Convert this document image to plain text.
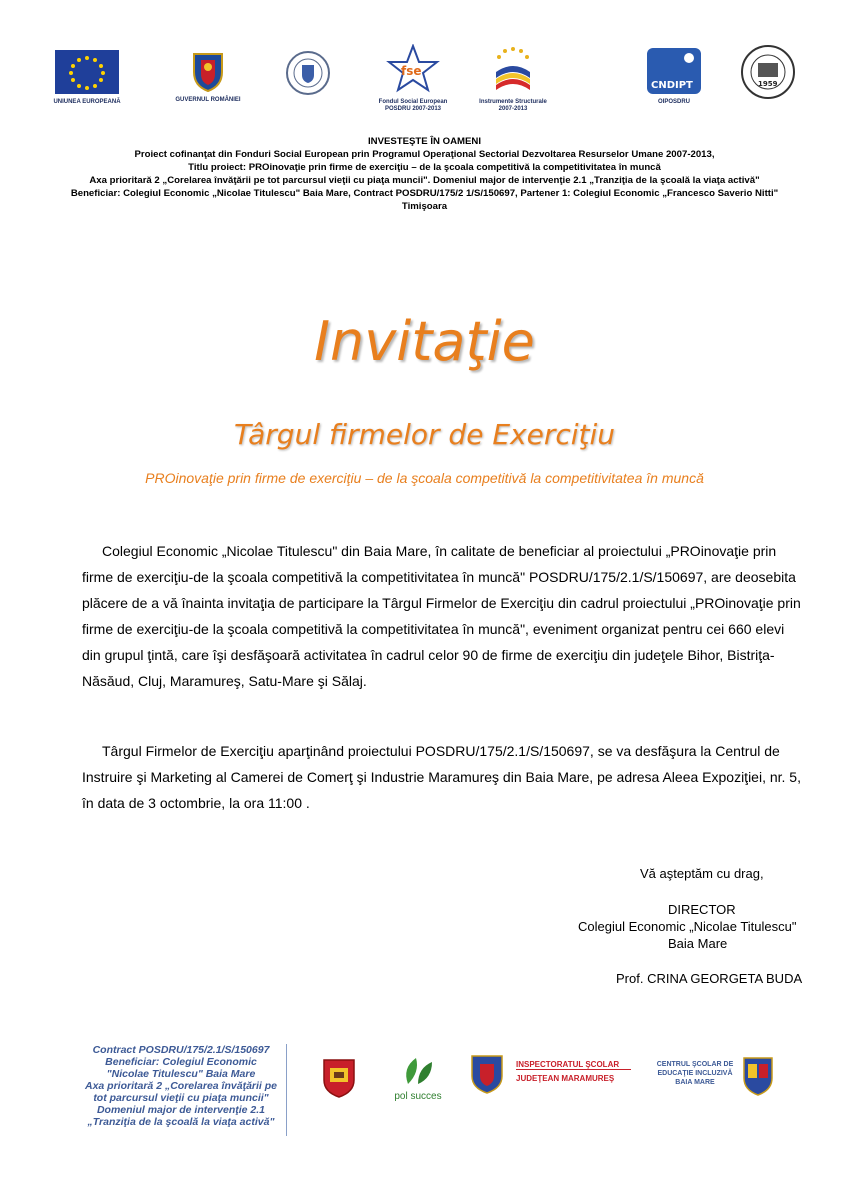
UNIUNEA EUROPEANĂ	GUVERNUL ROMÂNIEI
fse
Fondul Social European
POSDRU 2007-2013
Instrumente Structurale
2007-2013
CNDIPT
OIPOSDRU
1959
INVESTEŞTE ÎN OAMENI
Proiect cofinanţat din Fonduri Social European prin Programul Operaţional Sectorial Dezvoltarea Resurselor Umane 2007-2013,
Titlu proiect: PROinovaţie prin firme de exerciţiu – de la şcoala competitivă la competitivitatea în muncă
Axa prioritară 2 „Corelarea învăţării pe tot parcursul vieţii cu piaţa muncii". Domeniul major de intervenţie 2.1 „Tranziţia de la şcoală la viaţa activă"
Beneficiar: Colegiul Economic „Nicolae Titulescu" Baia Mare, Contract POSDRU/175/2 1/S/150697, Partener 1: Colegiul Economic „Francesco Saverio Nitti"
Timişoara
Invitaţie
Târgul firmelor de Exerciţiu
PROinovaţie prin firme de exerciţiu – de la şcoala competitivă la competitivitatea în muncă
Colegiul Economic „Nicolae Titulescu" din Baia Mare, în calitate de beneficiar al proiectului „PROinovaţie prin
firme de exerciţiu-de la şcoala competitivă la competitivitatea în muncă" POSDRU/175/2.1/S/150697, are deosebita
plăcere de a vă înainta invitaţia de participare la Târgul Firmelor de Exerciţiu din cadrul proiectului „PROinovaţie prin
firme de exerciţiu-de la şcoala competitivă la competitivitatea în muncă", eveniment organizat pentru cei 660 elevi
din grupul ţintă, care îşi desfăşoară activitatea în cadrul celor 90 de firme de exerciţiu din judeţele Bihor, Bistriţa-
Năsăud, Cluj, Maramureş, Satu-Mare şi Sălaj.
Târgul Firmelor de Exerciţiu aparţinând proiectului POSDRU/175/2.1/S/150697, se va desfăşura la Centrul de
Instruire şi Marketing al Camerei de Comerţ şi Industrie Maramureş din Baia Mare, pe adresa Aleea Expoziţiei, nr. 5,
în data de 3 octombrie, la ora 11:00 .
Vă aşteptăm cu drag,
DIRECTOR
Colegiul Economic „Nicolae Titulescu"
Baia Mare
Prof. CRINA GEORGETA BUDA
Contract POSDRU/175/2.1/S/150697
Beneficiar: Colegiul Economic
"Nicolae Titulescu" Baia Mare
Axa prioritară 2 „Corelarea învăţării pe
tot parcursul vieţii cu piaţa muncii"
Domeniul major de intervenţie 2.1
„Tranziţia de la şcoală la viaţa activă"
pol succes
INSPECTORATUL ŞCOLAR
JUDEŢEAN MARAMUREŞ
CENTRUL ŞCOLAR DE
EDUCAŢIE INCLUZIVĂ
BAIA MARE
